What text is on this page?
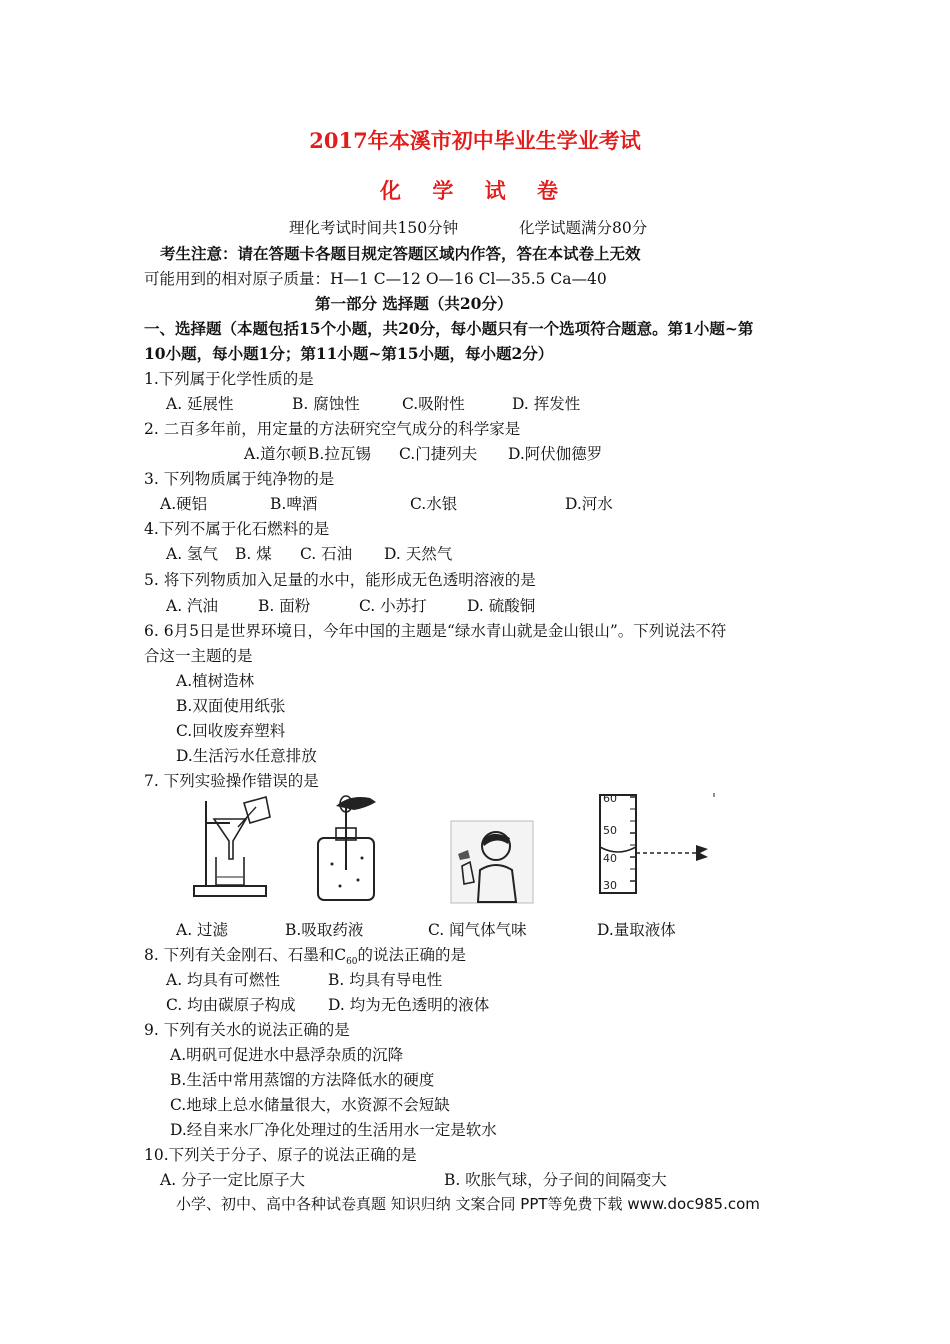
2017年本溪市初中毕业生学业考试
化 学 试 卷
理化考试时间共150分钟	化学试题满分80分
考生注意：请在答题卡各题目规定答题区域内作答，答在本试卷上无效
可能用到的相对原子质量：H—1 C—12 O—16 Cl—35.5 Ca—40
第一部分 选择题（共20分）
一、选择题（本题包括15个小题，共20分，每小题只有一个选项符合题意。第1小题~第
10小题，每小题1分；第11小题~第15小题，每小题2分）
1.下列属于化学性质的是
A. 延展性	B. 腐蚀性	C.吸附性	D. 挥发性
2. 二百多年前，用定量的方法研究空气成分的科学家是
A.道尔顿 B.拉瓦锡 C.门捷列夫 D.阿伏伽德罗
3. 下列物质属于纯净物的是
A.硬铝	B.啤酒	C.水银	D.河水
4.下列不属于化石燃料的是
A. 氢气 B. 煤 C. 石油 D. 天然气
5. 将下列物质加入足量的水中，能形成无色透明溶液的是
A. 汽油	B. 面粉	C. 小苏打	D. 硫酸铜
6. 6月5日是世界环境日，今年中国的主题是“绿水青山就是金山银山”。下列说法不符
合这一主题的是
A.植树造林
B.双面使用纸张
C.回收废弃塑料
D.生活污水任意排放
7. 下列实验操作错误的是
60
50
40
30
A. 过滤	B.吸取药液	C. 闻气体气味	D.量取液体
8. 下列有关金刚石、石墨和$C_{60}$的说法正确的是
A. 均具有可燃性	B. 均具有导电性
C. 均由碳原子构成 D. 均为无色透明的液体
9. 下列有关水的说法正确的是
A.明矾可促进水中悬浮杂质的沉降
B.生活中常用蒸馏的方法降低水的硬度
C.地球上总水储量很大，水资源不会短缺
D.经自来水厂净化处理过的生活用水一定是软水
10.下列关于分子、原子的说法正确的是
A. 分子一定比原子大	B. 吹胀气球，分子间的间隔变大
小学、初中、高中各种试卷真题 知识归纳 文案合同 PPT等免费下载 www.doc985.com
